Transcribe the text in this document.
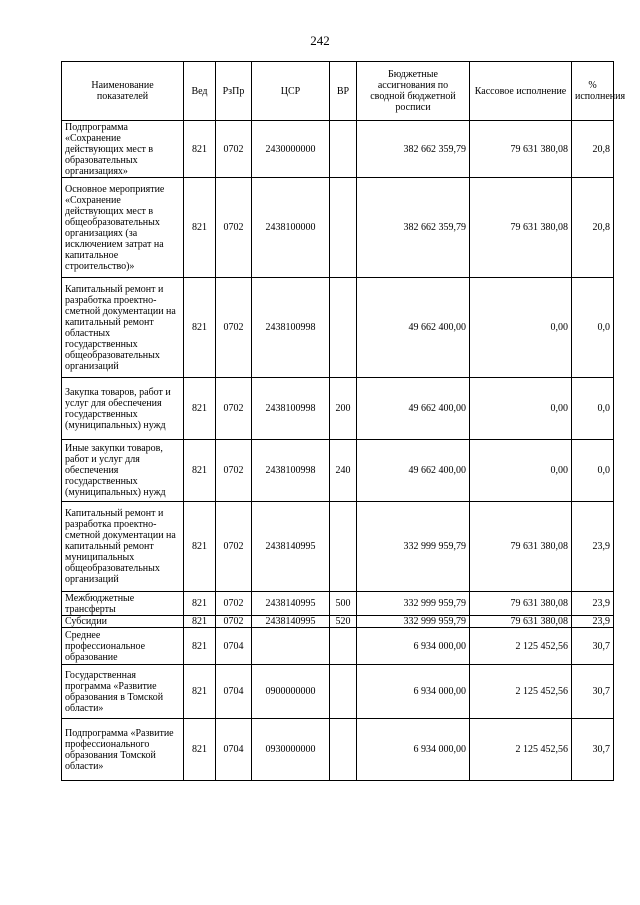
242
Наименование показателей	Вед	РзПр	ЦСР	ВР	Бюджетные ассигнования по сводной бюджетной росписи	Кассовое исполнение	% исполнения
Подпрограмма «Сохранение действующих мест в образовательных организациях»	821	0702	2430000000		382 662 359,79	79 631 380,08	20,8
Основное мероприятие «Сохранение действующих мест в общеобразовательных организациях (за исключением затрат на капитальное строительство)»	821	0702	2438100000		382 662 359,79	79 631 380,08	20,8
Капитальный ремонт и разработка проектно-сметной документации на капитальный ремонт областных государственных общеобразовательных организаций	821	0702	2438100998		49 662 400,00	0,00	0,0
Закупка товаров, работ и услуг для обеспечения государственных (муниципальных) нужд	821	0702	2438100998	200	49 662 400,00	0,00	0,0
Иные закупки товаров, работ и услуг для обеспечения государственных (муниципальных) нужд	821	0702	2438100998	240	49 662 400,00	0,00	0,0
Капитальный ремонт и разработка проектно-сметной документации на капитальный ремонт муниципальных общеобразовательных организаций	821	0702	2438140995		332 999 959,79	79 631 380,08	23,9
Межбюджетные трансферты	821	0702	2438140995	500	332 999 959,79	79 631 380,08	23,9
Субсидии	821	0702	2438140995	520	332 999 959,79	79 631 380,08	23,9
Среднее профессиональное образование	821	0704			6 934 000,00	2 125 452,56	30,7
Государственная программа «Развитие образования в Томской области»	821	0704	0900000000		6 934 000,00	2 125 452,56	30,7
Подпрограмма «Развитие профессионального образования Томской области»	821	0704	0930000000		6 934 000,00	2 125 452,56	30,7
